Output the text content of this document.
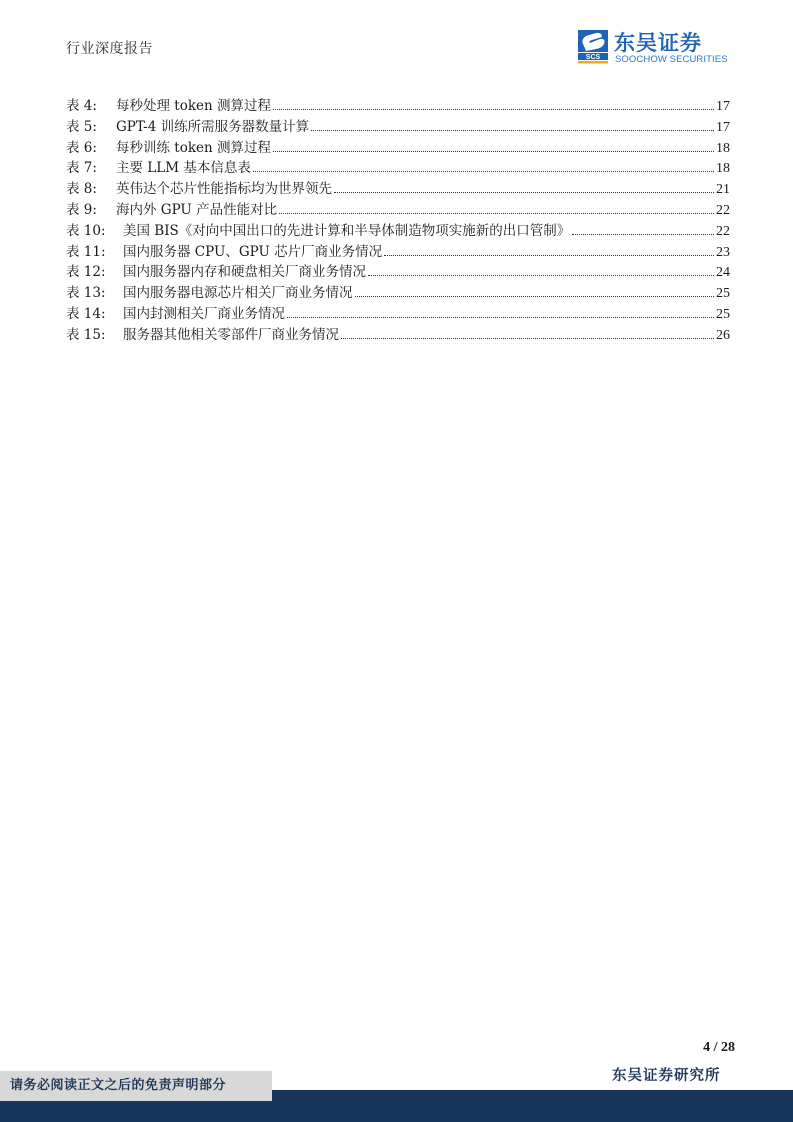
行业深度报告
SCS
东吴证券
SOOCHOW SECURITIES
表 4:	每秒处理 token 测算过程	17
表 5:	GPT-4 训练所需服务器数量计算	17
表 6:	每秒训练 token 测算过程	18
表 7:	主要 LLM 基本信息表	18
表 8:	英伟达个芯片性能指标均为世界领先	21
表 9:	海内外 GPU 产品性能对比	22
表 10:	美国 BIS《对向中国出口的先进计算和半导体制造物项实施新的出口管制》	22
表 11:	国内服务器 CPU、GPU 芯片厂商业务情况	23
表 12:	国内服务器内存和硬盘相关厂商业务情况	24
表 13:	国内服务器电源芯片相关厂商业务情况	25
表 14:	国内封测相关厂商业务情况	25
表 15:	服务器其他相关零部件厂商业务情况	26
4 / 28
东吴证券研究所
请务必阅读正文之后的免责声明部分
